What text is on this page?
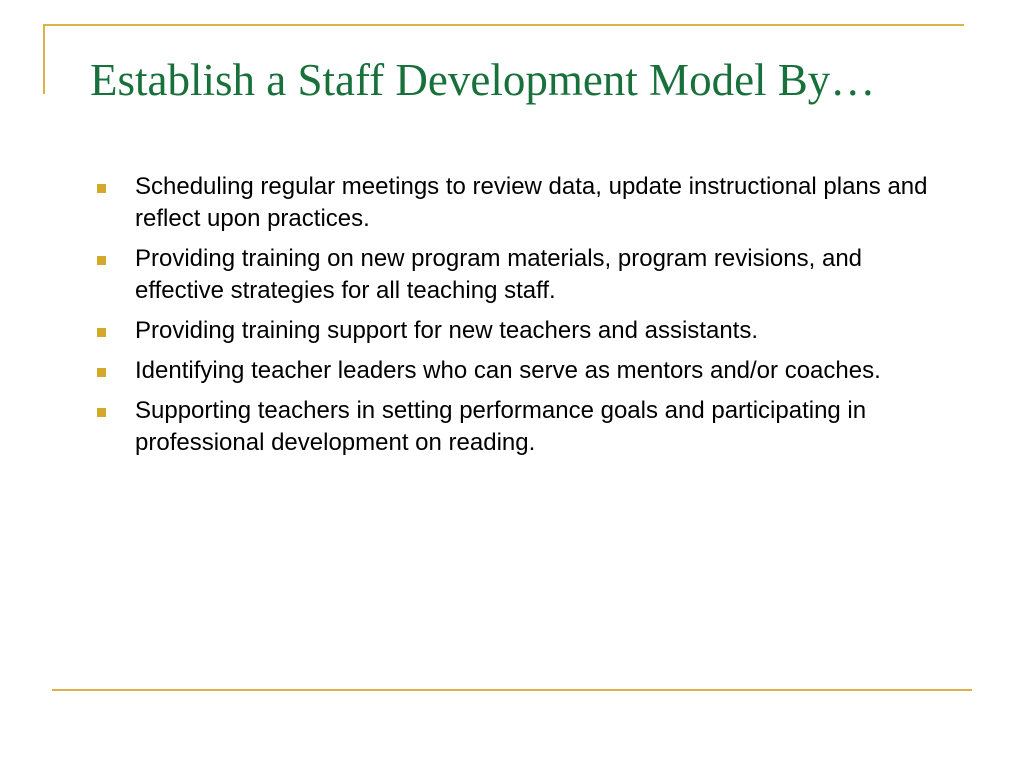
Establish a Staff Development Model By…
Scheduling regular meetings to review data, update instructional plans and reflect upon practices.
Providing training on new program materials, program revisions, and effective strategies for all teaching staff.
Providing training support for new teachers and assistants.
Identifying teacher leaders who can serve as mentors and/or coaches.
Supporting teachers in setting performance goals and participating in professional development on reading.
